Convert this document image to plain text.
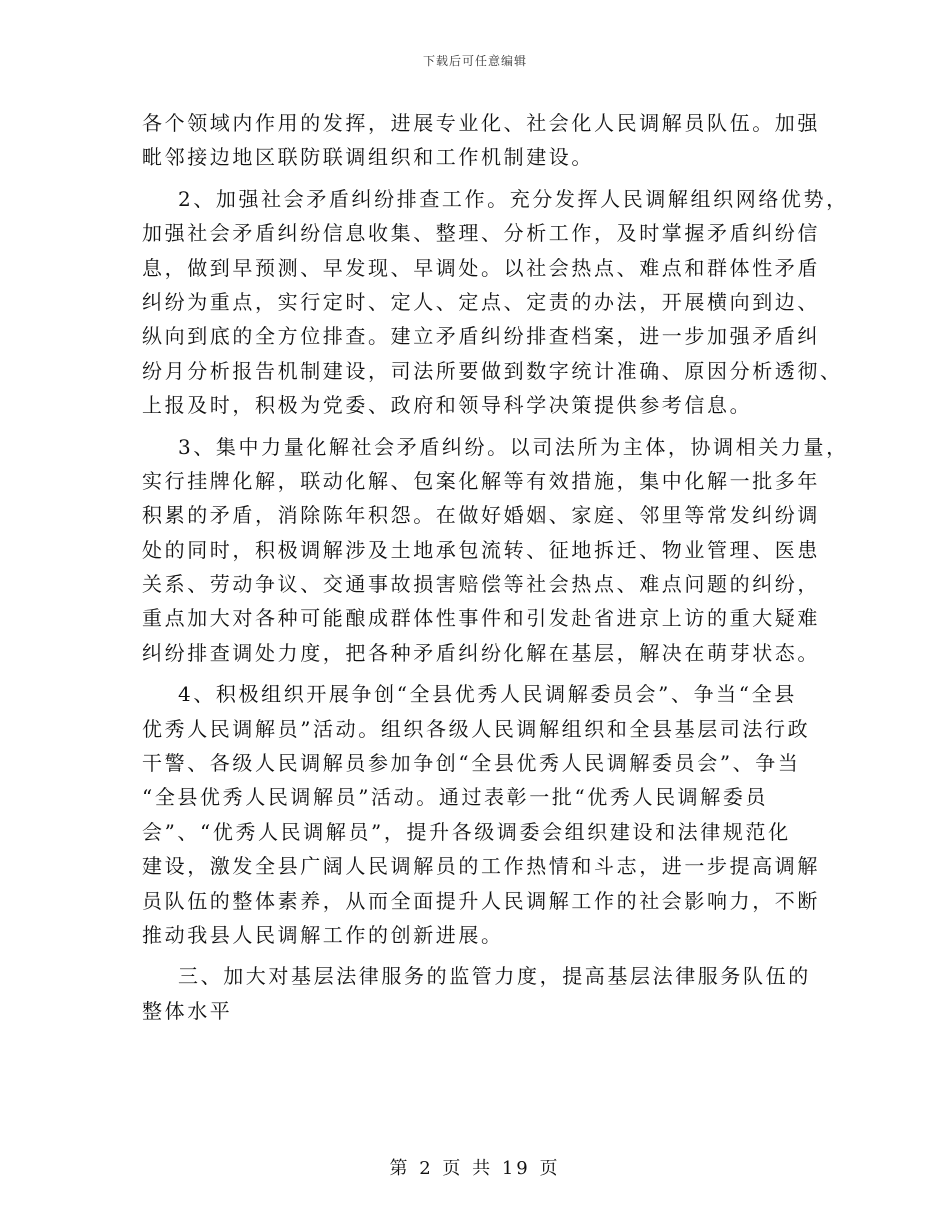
下载后可任意编辑
各个领域内作用的发挥，进展专业化、社会化人民调解员队伍。加强
毗邻接边地区联防联调组织和工作机制建设。
2、加强社会矛盾纠纷排查工作。充分发挥人民调解组织网络优势，
加强社会矛盾纠纷信息收集、整理、分析工作，及时掌握矛盾纠纷信
息，做到早预测、早发现、早调处。以社会热点、难点和群体性矛盾
纠纷为重点，实行定时、定人、定点、定责的办法，开展横向到边、
纵向到底的全方位排查。建立矛盾纠纷排查档案，进一步加强矛盾纠
纷月分析报告机制建设，司法所要做到数字统计准确、原因分析透彻、
上报及时，积极为党委、政府和领导科学决策提供参考信息。
3、集中力量化解社会矛盾纠纷。以司法所为主体，协调相关力量，
实行挂牌化解，联动化解、包案化解等有效措施，集中化解一批多年
积累的矛盾，消除陈年积怨。在做好婚姻、家庭、邻里等常发纠纷调
处的同时，积极调解涉及土地承包流转、征地拆迁、物业管理、医患
关系、劳动争议、交通事故损害赔偿等社会热点、难点问题的纠纷，
重点加大对各种可能酿成群体性事件和引发赴省进京上访的重大疑难
纠纷排查调处力度，把各种矛盾纠纷化解在基层，解决在萌芽状态。
4、积极组织开展争创“全县优秀人民调解委员会”、争当“全县
优秀人民调解员”活动。组织各级人民调解组织和全县基层司法行政
干警、各级人民调解员参加争创“全县优秀人民调解委员会”、争当
“全县优秀人民调解员”活动。通过表彰一批“优秀人民调解委员
会”、“优秀人民调解员”，提升各级调委会组织建设和法律规范化
建设，激发全县广阔人民调解员的工作热情和斗志，进一步提高调解
员队伍的整体素养，从而全面提升人民调解工作的社会影响力，不断
推动我县人民调解工作的创新进展。
三、加大对基层法律服务的监管力度，提高基层法律服务队伍的
整体水平
第 2 页 共 19 页
